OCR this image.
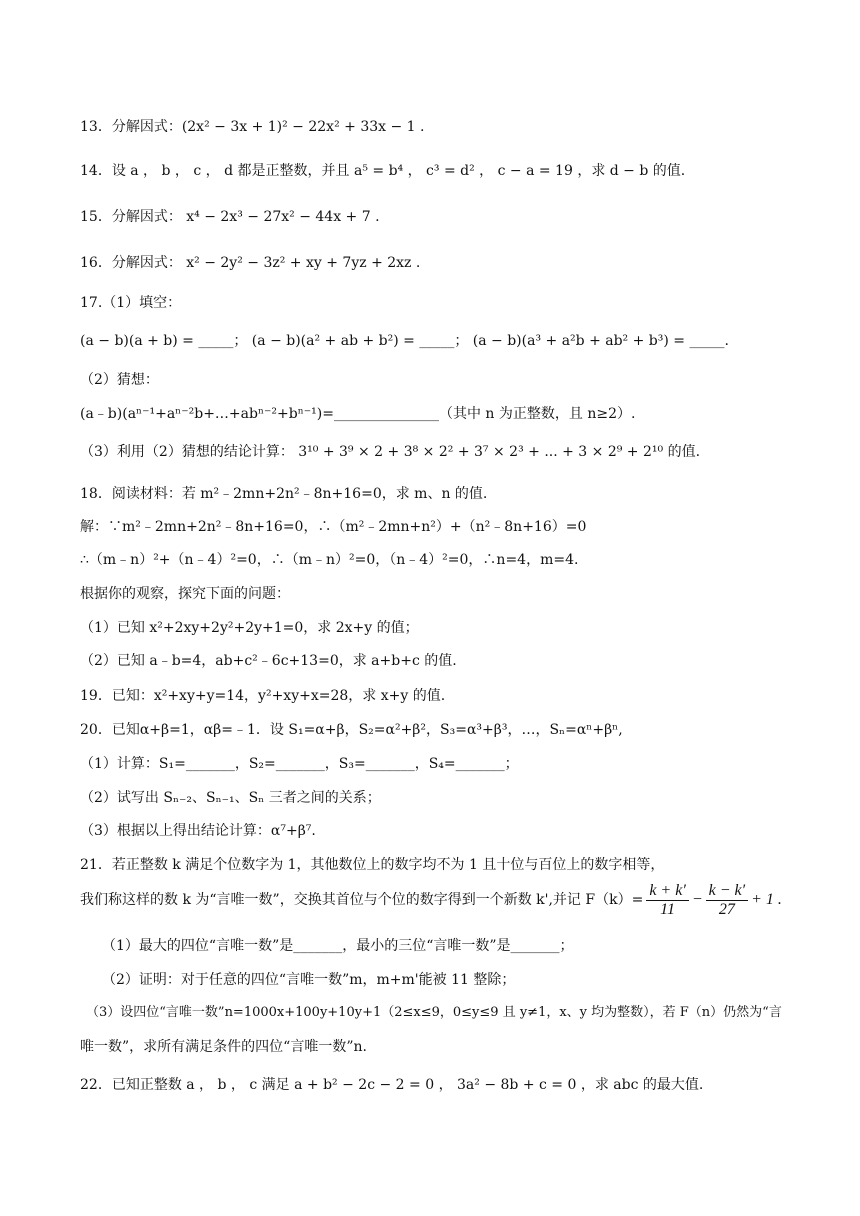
13．分解因式：(2x² − 3x + 1)² − 22x² + 33x − 1 .
14．设 a ， b ， c ， d 都是正整数，并且 a⁵ = b⁴ ， c³ = d² ， c − a = 19 ，求 d − b 的值.
15．分解因式： x⁴ − 2x³ − 27x² − 44x + 7 .
16．分解因式： x² − 2y² − 3z² + xy + 7yz + 2xz .
17.（1）填空：
(a − b)(a + b) = _____； (a − b)(a² + ab + b²) = _____； (a − b)(a³ + a²b + ab² + b³) = _____.
（2）猜想：
(a﹣b)(aⁿ⁻¹+aⁿ⁻²b+…+abⁿ⁻²+bⁿ⁻¹)=_______________（其中 n 为正整数，且 n≥2）.
（3）利用（2）猜想的结论计算： 3¹⁰ + 3⁹ × 2 + 3⁸ × 2² + 3⁷ × 2³ + ... + 3 × 2⁹ + 2¹⁰ 的值.
18．阅读材料：若 m²﹣2mn+2n²﹣8n+16=0，求 m、n 的值.
解：∵m²﹣2mn+2n²﹣8n+16=0，∴（m²﹣2mn+n²）+（n²﹣8n+16）=0
∴（m﹣n）²+（n﹣4）²=0，∴（m﹣n）²=0，（n﹣4）²=0，∴n=4，m=4.
根据你的观察，探究下面的问题：
（1）已知 x²+2xy+2y²+2y+1=0，求 2x+y 的值；
（2）已知 a﹣b=4，ab+c²﹣6c+13=0，求 a+b+c 的值.
19．已知：x²+xy+y=14，y²+xy+x=28，求 x+y 的值.
20．已知α+β=1，αβ=﹣1．设 S₁=α+β，S₂=α²+β²，S₃=α³+β³，…，Sₙ=αⁿ+βⁿ,
（1）计算：S₁=_______，S₂=_______，S₃=_______，S₄=_______；
（2）试写出 Sₙ₋₂、Sₙ₋₁、Sₙ 三者之间的关系；
（3）根据以上得出结论计算：α⁷+β⁷.
21．若正整数 k 满足个位数字为 1，其他数位上的数字均不为 1 且十位与百位上的数字相等，
我们称这样的数 k 为“言唯一数”，交换其首位与个位的数字得到一个新数 k',并记 $F(k)= \frac{k + k'}{11} - \frac{k - k'}{27} + 1$ .
（1）最大的四位“言唯一数”是_______，最小的三位“言唯一数”是_______；
（2）证明：对于任意的四位“言唯一数”m，m+m'能被 11 整除；
（3）设四位“言唯一数”n=1000x+100y+10y+1（2≤x≤9，0≤y≤9 且 y≠1，x、y 均为整数），若 F（n）仍然为“言
唯一数”，求所有满足条件的四位“言唯一数”n.
22．已知正整数 a ， b ， c 满足 a + b² − 2c − 2 = 0 ， 3a² − 8b + c = 0 ，求 abc 的最大值.
